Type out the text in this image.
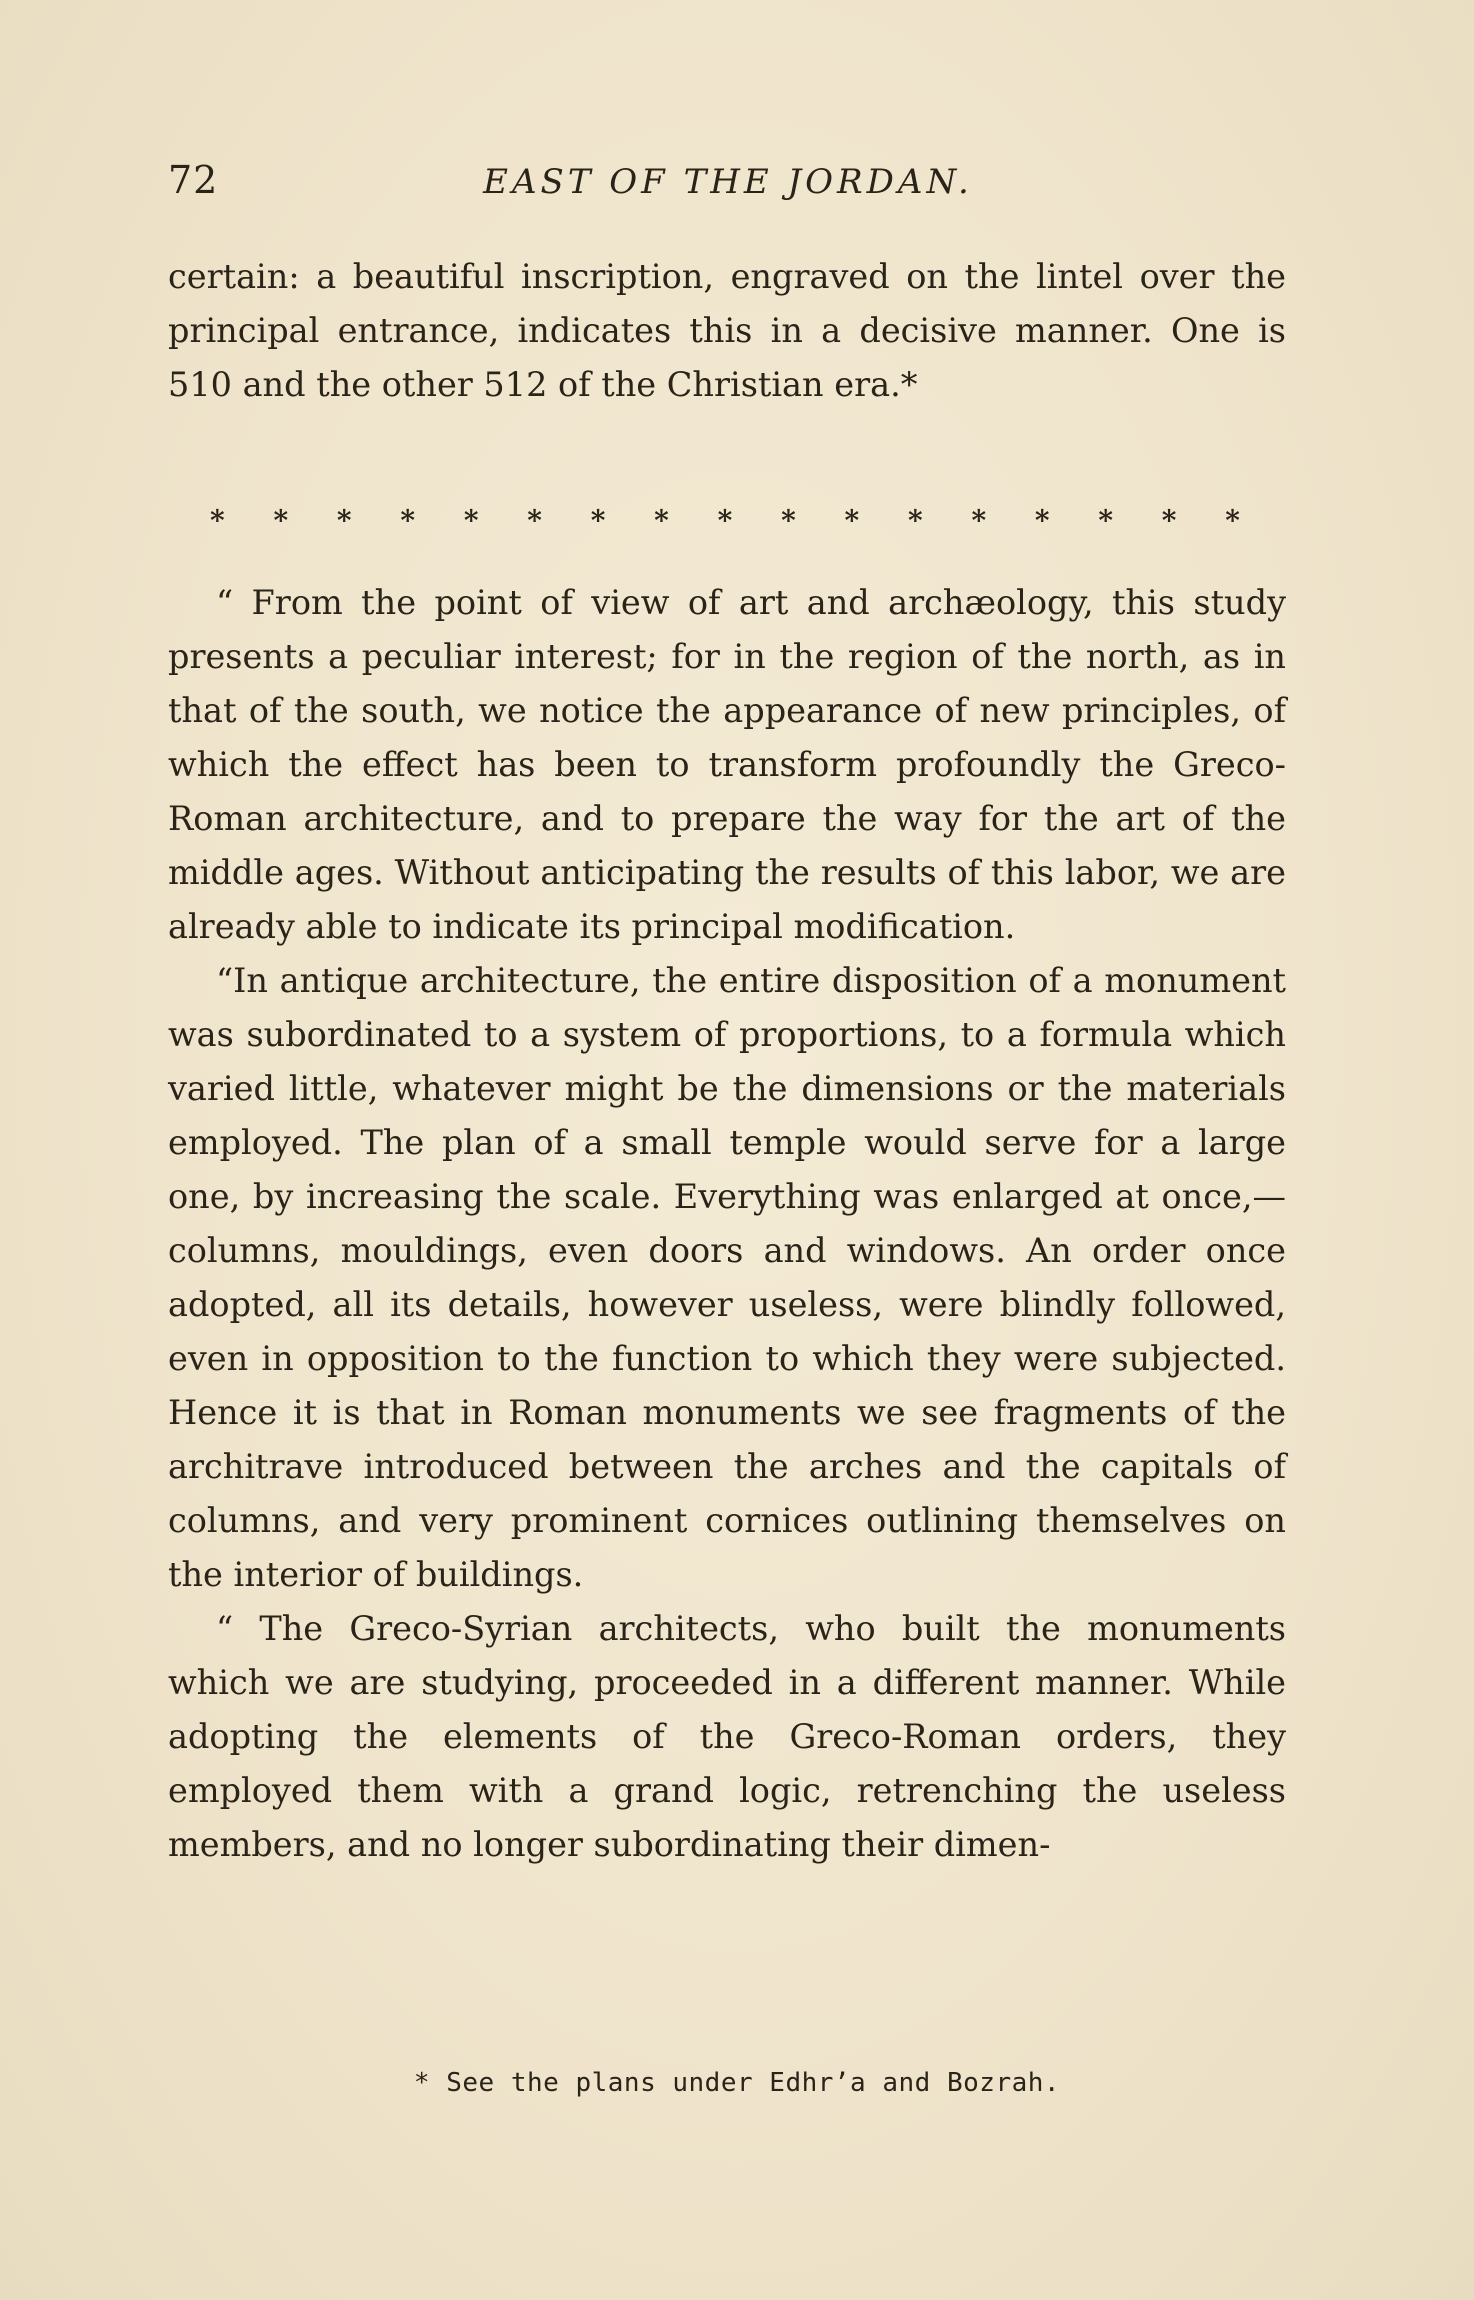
72	EAST OF THE JORDAN.

certain: a beautiful inscription, engraved on the lintel over the principal entrance, indicates this in a decisive manner. One is 510 and the other 512 of the Christian era.*

* * * * * * * * * * * * * * * * *

“ From the point of view of art and archæology, this study presents a peculiar interest; for in the region of the north, as in that of the south, we notice the appearance of new principles, of which the effect has been to transform profoundly the Greco-Roman architecture, and to prepare the way for the art of the middle ages. Without anticipating the results of this labor, we are already able to indicate its principal modification.

“In antique architecture, the entire disposition of a monument was subordinated to a system of proportions, to a formula which varied little, whatever might be the dimensions or the materials employed. The plan of a small temple would serve for a large one, by increasing the scale. Everything was enlarged at once,—columns, mouldings, even doors and windows. An order once adopted, all its details, however useless, were blindly followed, even in opposition to the function to which they were subjected. Hence it is that in Roman monuments we see fragments of the architrave introduced between the arches and the capitals of columns, and very prominent cornices outlining themselves on the interior of buildings.

“ The Greco-Syrian architects, who built the monuments which we are studying, proceeded in a different manner. While adopting the elements of the Greco-Roman orders, they employed them with a grand logic, retrenching the useless members, and no longer subordinating their dimen-

* See the plans under Edhr’a and Bozrah.
